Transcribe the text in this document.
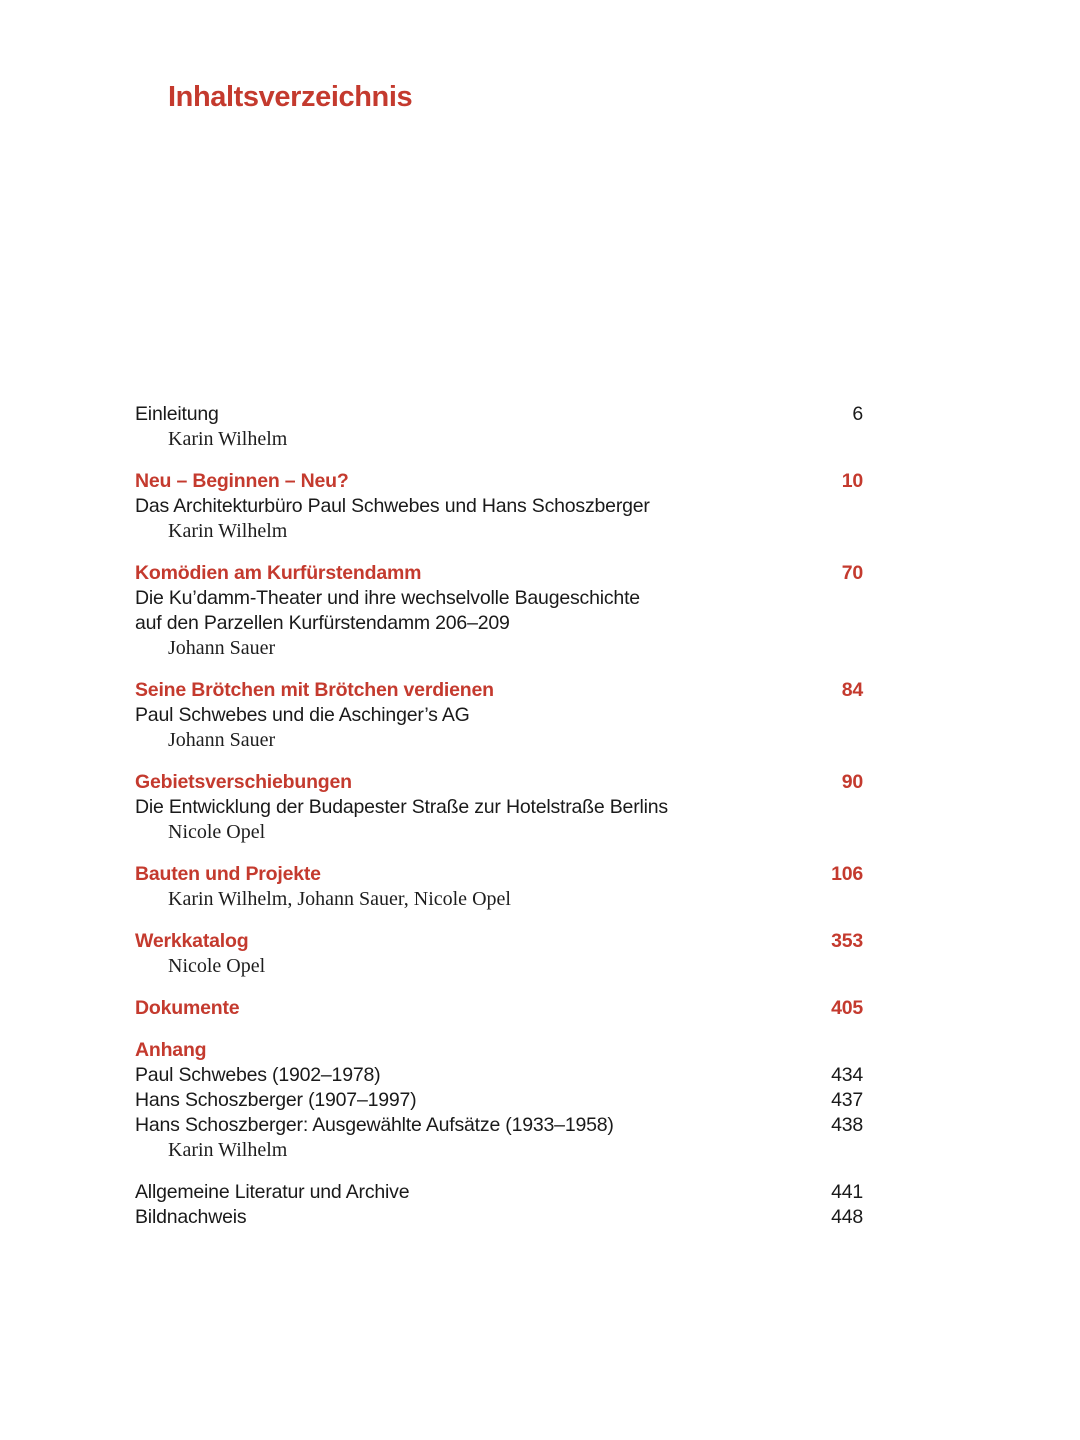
Inhaltsverzeichnis
Einleitung	6
Karin Wilhelm
Neu – Beginnen – Neu?	10
Das Architekturbüro Paul Schwebes und Hans Schoszberger
Karin Wilhelm
Komödien am Kurfürstendamm	70
Die Ku’damm-Theater und ihre wechselvolle Baugeschichte
auf den Parzellen Kurfürstendamm 206–209
Johann Sauer
Seine Brötchen mit Brötchen verdienen	84
Paul Schwebes und die Aschinger’s AG
Johann Sauer
Gebietsverschiebungen	90
Die Entwicklung der Budapester Straße zur Hotelstraße Berlins
Nicole Opel
Bauten und Projekte	106
Karin Wilhelm, Johann Sauer, Nicole Opel
Werkkatalog	353
Nicole Opel
Dokumente	405
Anhang
Paul Schwebes (1902–1978)	434
Hans Schoszberger (1907–1997)	437
Hans Schoszberger: Ausgewählte Aufsätze (1933–1958)	438
Karin Wilhelm
Allgemeine Literatur und Archive	441
Bildnachweis	448
